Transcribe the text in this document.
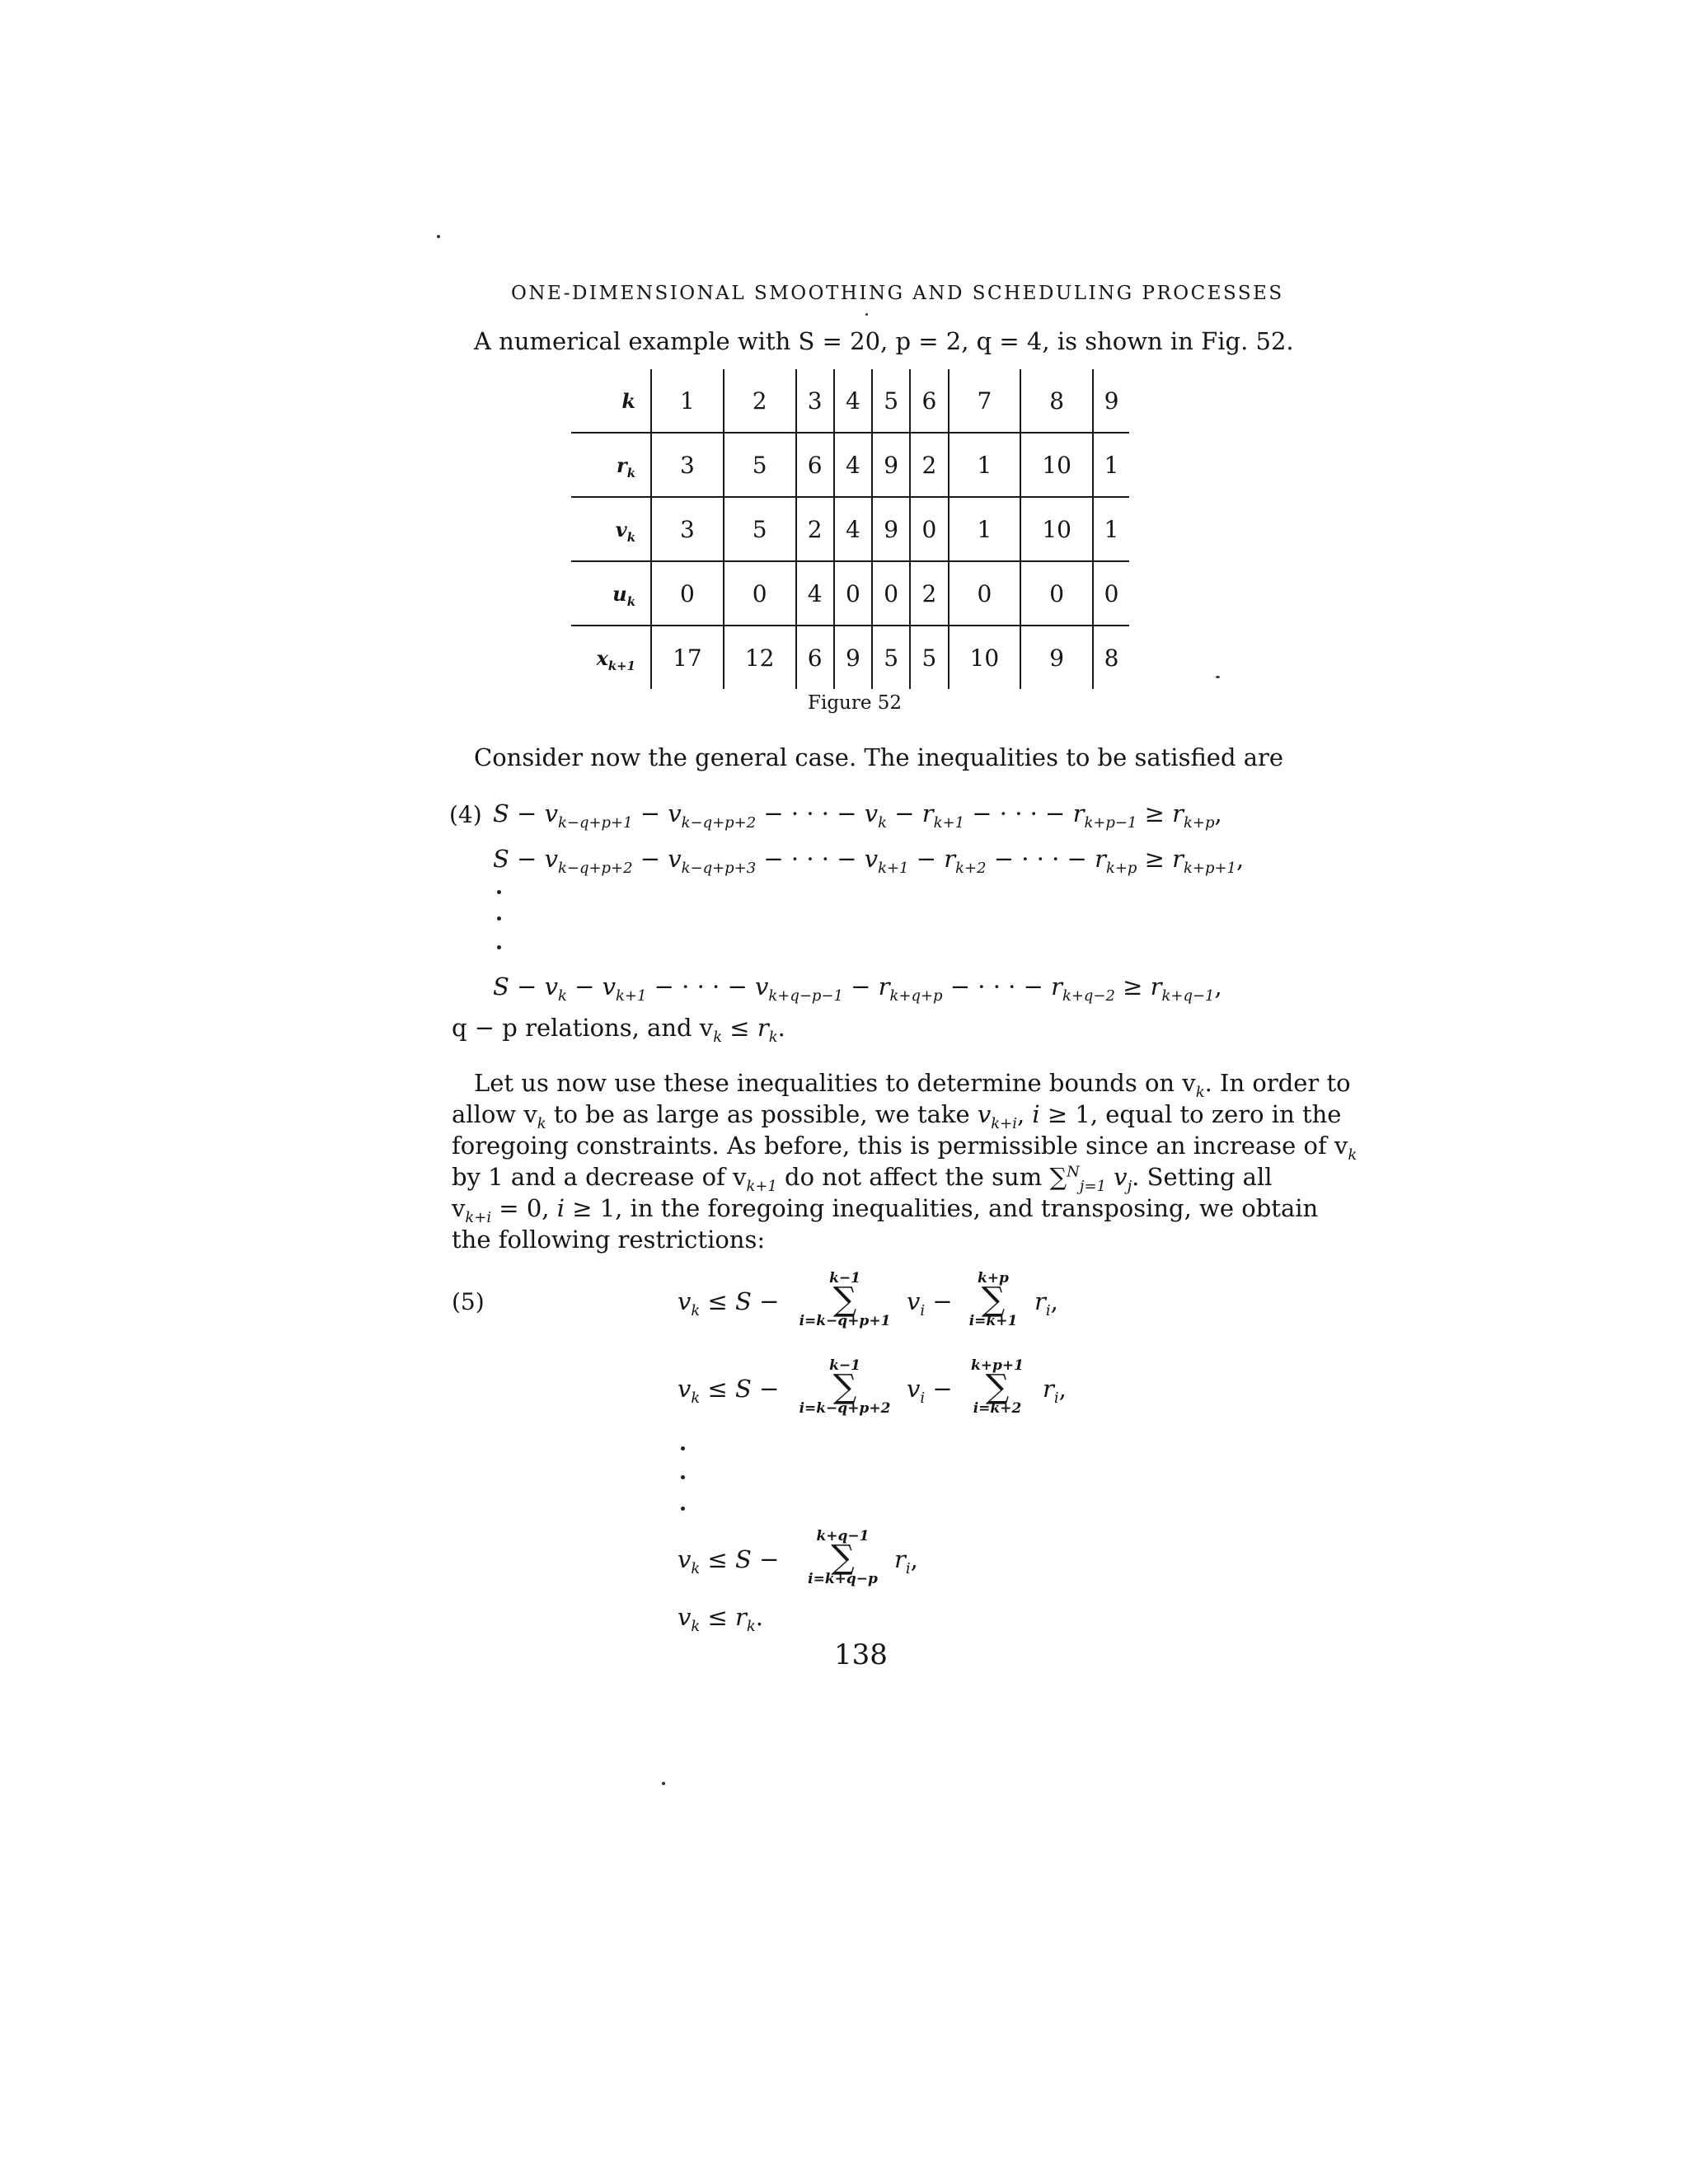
ONE-DIMENSIONAL SMOOTHING AND SCHEDULING PROCESSES
A numerical example with S = 20, p = 2, q = 4, is shown in Fig. 52.
k	1	2	3	4	5	6	7	8	9
$r_k$	3	5	6	4	9	2	1	10	1
$v_k$	3	5	2	4	9	0	1	10	1
$u_k$	0	0	4	0	0	2	0	0	0
$x_{k+1}$	17	12	6	9	5	5	10	9	8
Figure 52
Consider now the general case. The inequalities to be satisfied are
(4) $S - v_{k-q+p+1} - v_{k-q+p+2}$ − · · · − $v_k - r_{k+1}$ − · · · − $r_{k+p-1} \ge r_{k+p}$,
$S - v_{k-q+p+2} - v_{k-q+p+3}$ − · · · − $v_{k+1} - r_{k+2}$ − · · · − $r_{k+p} \ge r_{k+p+1}$,
$S - v_k - v_{k+1}$ − · · · − $v_{k+q-p-1} - r_{k+q+p}$ − · · · − $r_{k+q-2} \ge r_{k+q-1}$,
q − p relations, and $v_k \le r_k$.
Let us now use these inequalities to determine bounds on $v_k$. In order to
allow $v_k$ to be as large as possible, we take $v_{k+i}$, i ≥ 1, equal to zero in the
foregoing constraints. As before, this is permissible since an increase of $v_k$
by 1 and a decrease of $v_{k+1}$ do not affect the sum ∑$^N_{j=1}$ $v_j$. Setting all
$v_{k+i} = 0$, i ≥ 1, in the foregoing inequalities, and transposing, we obtain
the following restrictions:
(5)	$v_k \le S$ −
k−1
∑
i=k−q+p+1
$v_i$ −
k+p
∑
i=k+1
$r_i$,
$v_k \le S$ −
k−1
∑
i=k−q+p+2
$v_i$ −
k+p+1
∑
i=k+2
$r_i$,
$v_k \le S$ −
k+q−1
∑
i=k+q−p
$r_i$,
$v_k \le r_k$.
138
